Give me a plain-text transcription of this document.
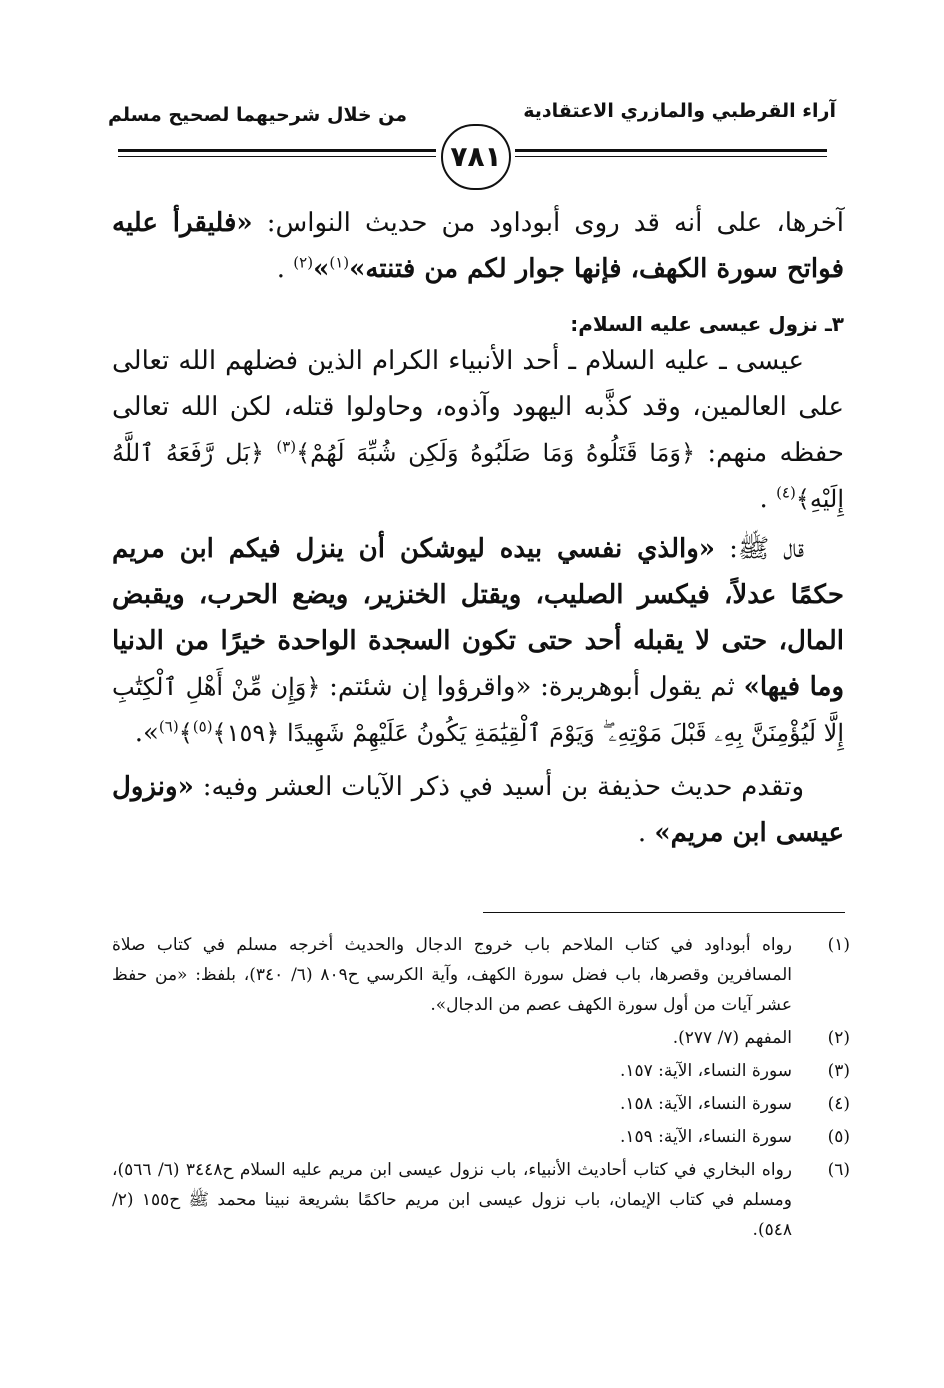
آراء القرطبي والمازري الاعتقادية
من خلال شرحيهما لصحيح مسلم
٧٨١
آخرها، على أنه قد روى أبوداود من حديث النواس: «فليقرأ عليه فواتح سورة الكهف، فإنها جوار لكم من فتنته»$^{(١)}$»$^{(٢)}$ .
٣ـ نزول عيسى عليه السلام:
عيسى ـ عليه السلام ـ أحد الأنبياء الكرام الذين فضلهم الله تعالى على العالمين، وقد كذَّبه اليهود وآذوه، وحاولوا قتله، لكن الله تعالى حفظه منهم: ﴿وَمَا قَتَلُوهُ وَمَا صَلَبُوهُ وَلَكِن شُبِّهَ لَهُمْ﴾$^{(٣)}$ ﴿بَل رَّفَعَهُ ٱللَّهُ إِلَيْهِ﴾$^{(٤)}$ .
قال ﷺ: «والذي نفسي بيده ليوشكن أن ينزل فيكم ابن مريم حكمًا عدلاً، فيكسر الصليب، ويقتل الخنزير، ويضع الحرب، ويقبض المال، حتى لا يقبله أحد حتى تكون السجدة الواحدة خيرًا من الدنيا وما فيها» ثم يقول أبوهريرة: «واقرؤوا إن شئتم: ﴿وَإِن مِّنْ أَهْلِ ٱلْكِتَٰبِ إِلَّا لَيُؤْمِنَنَّ بِهِۦ قَبْلَ مَوْتِهِۦ ۖ وَيَوْمَ ٱلْقِيَٰمَةِ يَكُونُ عَلَيْهِمْ شَهِيدًا ﴿١٥٩﴾$^{(٥)}$﴾$^{(٦)}$».
وتقدم حديث حذيفة بن أسيد في ذكر الآيات العشر وفيه: «ونزول عيسى ابن مريم» .
(١)
رواه أبوداود في كتاب الملاحم باب خروج الدجال والحديث أخرجه مسلم في كتاب صلاة المسافرين وقصرها، باب فضل سورة الكهف، وآية الكرسي ح٨٠٩ (٦/ ٣٤٠)، بلفظ: «من حفظ عشر آيات من أول سورة الكهف عصم من الدجال».
(٢)
المفهم (٧/ ٢٧٧).
(٣)
سورة النساء، الآية: ١٥٧.
(٤)
سورة النساء، الآية: ١٥٨.
(٥)
سورة النساء، الآية: ١٥٩.
(٦)
رواه البخاري في كتاب أحاديث الأنبياء، باب نزول عيسى ابن مريم عليه السلام ح٣٤٤٨ (٦/ ٥٦٦)، ومسلم في كتاب الإيمان، باب نزول عيسى ابن مريم حاكمًا بشريعة نبينا محمد ﷺ ح١٥٥ (٢/ ٥٤٨).
